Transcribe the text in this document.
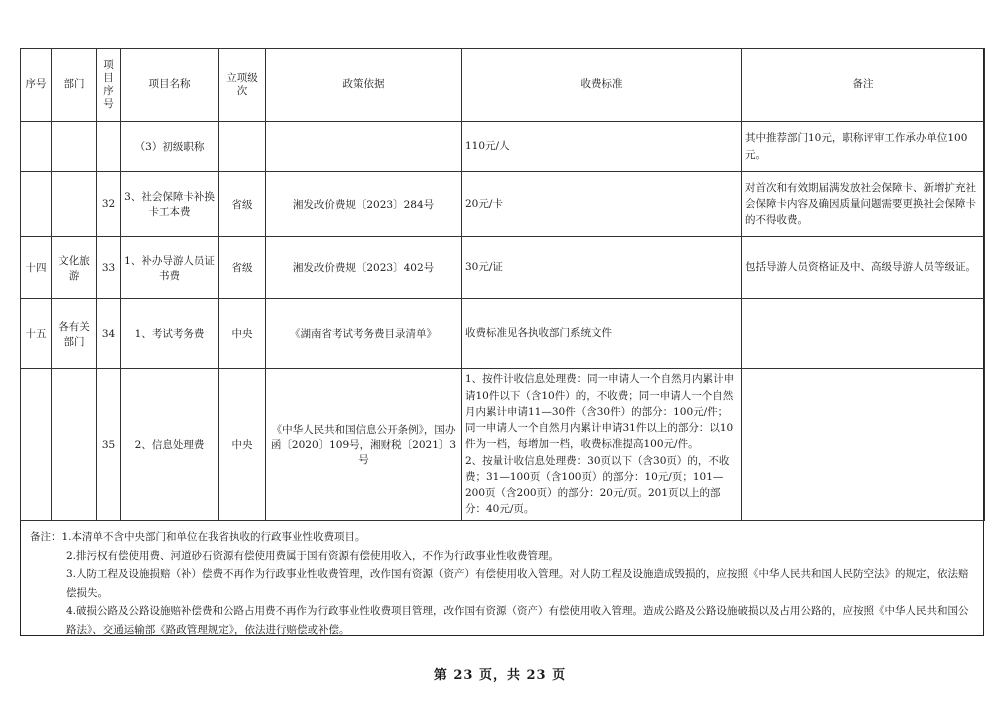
序号	部门	项目序号	项目名称	立项级次	政策依据	收费标准	备注
			（3）初级职称			110元/人	其中推荐部门10元，职称评审工作承办单位100元。
		32	3、社会保障卡补换卡工本费	省级	湘发改价费规〔2023〕284号	20元/卡	对首次和有效期届满发放社会保障卡、新增扩充社会保障卡内容及确因质量问题需要更换社会保障卡的不得收费。
十四	文化旅游	33	1、补办导游人员证书费	省级	湘发改价费规〔2023〕402号	30元/证	包括导游人员资格证及中、高级导游人员等级证。
十五	各有关部门	34	1、考试考务费	中央	《湖南省考试考务费目录清单》	收费标准见各执收部门系统文件	
		35	2、信息处理费	中央	《中华人民共和国信息公开条例》，国办函〔2020〕109号，湘财税〔2021〕3号	1、按件计收信息处理费：同一申请人一个自然月内累计申请10件以下（含10件）的，不收费；同一申请人一个自然月内累计申请11—30件（含30件）的部分：100元/件；同一申请人一个自然月内累计申请31件以上的部分：以10件为一档，每增加一档，收费标准提高100元/件。
2、按量计收信息处理费：30页以下（含30页）的，不收费；31—100页（含100页）的部分：10元/页；101—200页（含200页）的部分：20元/页。201页以上的部分：40元/页。	

备注：1.本清单不含中央部门和单位在我省执收的行政事业性收费项目。

2.排污权有偿使用费、河道砂石资源有偿使用费属于国有资源有偿使用收入，不作为行政事业性收费管理。

3.人防工程及设施损赔（补）偿费不再作为行政事业性收费管理，改作国有资源（资产）有偿使用收入管理。对人防工程及设施造成毁损的，应按照《中华人民共和国人民防空法》的规定，依法赔偿损失。

4.破损公路及公路设施赔补偿费和公路占用费不再作为行政事业性收费项目管理，改作国有资源（资产）有偿使用收入管理。造成公路及公路设施破损以及占用公路的，应按照《中华人民共和国公路法》、交通运输部《路政管理规定》，依法进行赔偿或补偿。

第 23 页，共 23 页
